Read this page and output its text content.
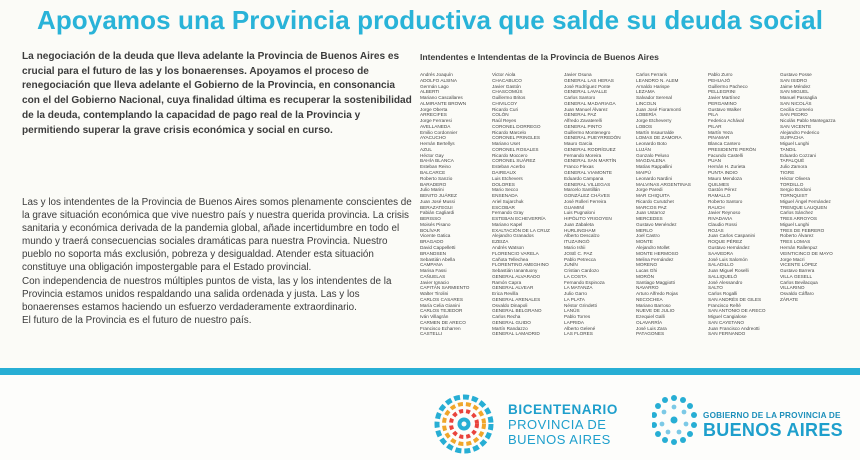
Apoyamos una Provincia productiva que salde su deuda social
La negociación de la deuda que lleva adelante la Provincia de Buenos Aires es crucial para el futuro de las y los bonaerenses. Apoyamos el proceso de renegociación que lleva adelante el Gobierno de la Provincia, en consonancia con el del Gobierno Nacional, cuya finalidad última es recuperar la sostenibilidad de la deuda, contemplando la capacidad de pago real de la Provincia y permitiendo superar la grave crisis económica y social en curso.

Las y los intendentes de la Provincia de Buenos Aires somos plenamente conscientes de la grave situación económica que vive nuestro país y nuestra querida provincia. La crisis sanitaria y económica derivada de la pandemia global, añade incertidumbre en todo el mundo y traerá consecuencias sociales dramáticas para nuestra Provincia. Nuestro pueblo no soporta más exclusión, pobreza y desigualdad. Atender esta situación constituye una obligación impostergable para el Estado provincial.

Con independencia de nuestros múltiples puntos de vista, las y los intendentes de la Provincia estamos unidos respaldando una salida ordenada y justa. Las y los bonaerenses estamos haciendo un esfuerzo verdaderamente extraordinario.

El futuro de la Provincia es el futuro de nuestro país.

Intendentes e Intendentas de la Provincia de Buenos Aires
Andrés Joaquín
ADOLFO ALSINA
Germán Lago
ALBERTI
Mariano Cascallares
ALMIRANTE BROWN
Jorge Oberta
ARRECIFES
Jorge Ferraresi
AVELLANEDA
Emilio Cordonnier
AYACUCHO
Hernán Bertellys
AZUL
Héctor Gay
BAHÍA BLANCA
Esteban Reino
BALCARCE
Roberto Sanzio
BARADERO
Julio Marini
BENITO JUÁREZ
Juan José Mussi
BERAZATEGUI
Fabián Cagliardi
BERISSO
Moisés Pisano
BOLÍVAR
Vicente Gatica
BRAGADO
David Cappelletti
BRANDSEN
Sebastián Abella
CAMPANA
Marisa Fassi
CAÑUELAS
Javier Ignacio
CAPITÁN SARMIENTO
Walter Tirolini
CARLOS CASARES
María Celia Gianini
CARLOS TEJEDOR
Iván Villagrán
CARMEN DE ARECO
Francisco Echarren
CASTELLI
Victor Aiola
CHACABUCO
Javier Gastón
CHASCOMÚS
Guillermo Britos
CHIVILCOY
Ricardo Curi
COLÓN
Raúl Reyes
CORONEL DORREGO
Ricardo Marcelo
CORONEL PRINGLES
Mariano Uset
CORONEL ROSALES
Ricardo Moccero
CORONEL SUÁREZ
Esteban Acerbo
DAIREAUX
Luis Etchevers
DOLORES
Mario Secco
ENSENADA
Ariel Sujarchuk
ESCOBAR
Fernando Gray
ESTEBAN ECHEVERRÍA
Mariano Kapel
EXALTACIÓN DE LA CRUZ
Alejandro Granados
EZEIZA
Andrés Watson
FLORENCIO VARELA
Cañota Tellechea
FLORENTINO AMEGHINO
Sebastián Ianantuony
GENERAL ALVARADO
Ramón Capra
GENERAL ALVEAR
Erica Revilla
GENERAL ARENALES
Osvaldo Dinapoli
GENERAL BELGRANO
Carlos Recha
GENERAL GUIDO
Martín Randazzo
GENERAL LAMADRID
Javier Osuna
GENERAL LAS HERAS
José Rodríguez Ponte
GENERAL LAVALLE
Carlos Santoro
GENERAL MADARIAGA
Juan Manuel Álvarez
GENERAL PAZ
Alfredo Zavaterelli
GENERAL PINTO
Guillermo Montenegro
GENERAL PUEYRREDÓN
Mauro Garcia
GENERAL RODRÍGUEZ
Fernando Moreira
GENERAL SAN MARTÍN
Franco Flexas
GENERAL VIAMONTE
Eduardo Campana
GENERAL VILLEGAS
Marcelo Santillán
GONZÁLEZ CHÁVES
José Rolleri Ferreira
GUAMINÍ
Luis Pugnaloni
HIPÓLITO YRIGOYEN
Juan Zabaleta
HURLINGHAM
Alberto Descalzo
ITUZAINGÓ
Mario Ishii
JOSÉ C. PAZ
Pablo Petrecca
JUNÍN
Cristian Cardozo
LA COSTA
Fernando Espinoza
LA MATANZA
Julio Garro
LA PLATA
Néstor Grindetti
LANÚS
Pablo Torres
LAPRIDA
Alberto Gelené
LAS FLORES
Carlos Ferraris
LEANDRO N. ALEM
Arnaldo Harispe
LEZAMA
Salvador Serenal
LINCOLN
Juan José Fioramonti
LOBERÍA
Jorge Etcheverry
LOBOS
Martín Insaurralde
LOMAS DE ZAMORA
Leonardo Boto
LUJÁN
Gonzalo Peluso
MAGDALENA
Matías Rappallini
MAIPÚ
Leonardo Nardini
MALVINAS ARGENTINAS
Jorge Paredi
MAR CHIQUITA
Ricardo Curutchet
MARCOS PAZ
Juan Ustarroz
MERCEDES
Gustavo Menéndez
MERLO
Joel Castro
MONTE
Alejandro Mollet
MONTE HERMOSO
Melina Fernández
MORENO
Lucas Ghi
MORÓN
Santiago Maggiotti
NAVARRO
Arturo Alfredo Rojas
NECOCHEA
Mariano Barroso
NUEVE DE JULIO
Ezequiel Galli
OLAVARRÍA
José Luis Zara
PATAGONES
Pablo Zurro
PEHUAJÓ
Guillermo Pacheco
PELLEGRINI
Javier Martínez
PERGAMINO
Gustavo Walker
PILA
Federico Achával
PILAR
Martín Yeza
PINAMAR
Blanca Cantero
PRESIDENTE PERÓN
Facundo Castelli
PUAN
Hernán H. Zurieta
PUNTA INDIO
Mauro Mendoza
QUILMES
Gastón Pérez
RAMALLO
Roberto Santoro
RAUCH
Javier Reynoso
RIVADAVIA
Claudio Rossi
ROJAS
Juan Carlos Caspanini
ROQUE PÉREZ
Gustavo Hernández
SAAVEDRA
José Luis Salomón
SALADILLO
Juan Miguel Roselli
SALLIQUELÓ
José Alessandro
SALTO
Carlos Rogalli
SAN ANDRÉS DE GILES
Francisco Reñé
SAN ANTONIO DE ARECO
Miguel Cangialose
SAN CAYETANO
Juan Francisco Andreotti
SAN FERNANDO
Gustavo Posse
SAN ISIDRO
Jaime Méndez
SAN MIGUEL
Manuel Passaglia
SAN NICOLÁS
Cecilia Comerio
SAN PEDRO
Nicolás Pablo Mantegazza
SAN VICENTE
Alejandro Federico
SUIPACHA
Miguel Lunghi
TANDIL
Eduardo Cozzani
TAPALQUÉ
Julio Zamora
TIGRE
Héctor Olivera
TORDILLO
Sergio Bordoni
TORNQUIST
Miguel Ángel Fernández
TRENQUE LAUQUEN
Carlos Sánchez
TRES ARROYOS
Miguel Lunghi
TRES DE FEBRERO
Roberto Álvarez
TRES LOMAS
Hernán Rallenpuz
VEINTICINCO DE MAYO
Jorge Macri
VICENTE LÓPEZ
Gustavo Barrera
VILLA GESELL
Carlos Bevilacqua
VILLARINO
Osvaldo Cáffaro
ZÁRATE
BICENTENARIO
PROVINCIA DE
BUENOS AIRES
GOBIERNO DE LA PROVINCIA DE
BUENOS AIRES
